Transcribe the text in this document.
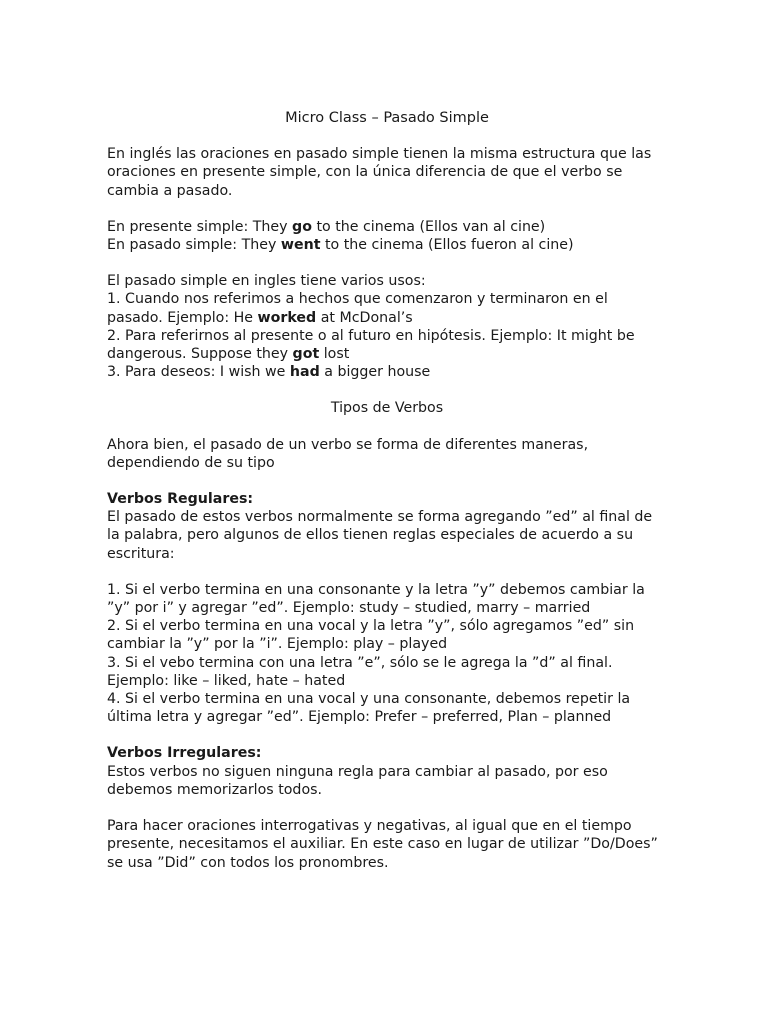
Micro Class – Pasado Simple

En inglés las oraciones en pasado simple tienen la misma estructura que las oraciones en presente simple, con la única diferencia de que el verbo se cambia a pasado.

En presente simple: They go to the cinema (Ellos van al cine)

En pasado simple: They went to the cinema (Ellos fueron al cine)

El pasado simple en ingles tiene varios usos:

1. Cuando nos referimos a hechos que comenzaron y terminaron en el pasado. Ejemplo: He worked at McDonal’s

2. Para referirnos al presente o al futuro en hipótesis. Ejemplo: It might be dangerous. Suppose they got lost

3. Para deseos: I wish we had a bigger house

Tipos de Verbos

Ahora bien, el pasado de un verbo se forma de diferentes maneras, dependiendo de su tipo

Verbos Regulares:

El pasado de estos verbos normalmente se forma agregando ”ed” al final de la palabra, pero algunos de ellos tienen reglas especiales de acuerdo a su escritura:

1. Si el verbo termina en una consonante y la letra ”y” debemos cambiar la ”y” por i” y agregar ”ed”. Ejemplo: study – studied, marry – married

2. Si el verbo termina en una vocal y la letra ”y”, sólo agregamos ”ed” sin cambiar la ”y” por la ”i”. Ejemplo: play – played

3. Si el vebo termina con una letra ”e”, sólo se le agrega la ”d” al final. Ejemplo: like – liked, hate – hated

4. Si el verbo termina en una vocal y una consonante, debemos repetir la última letra y agregar ”ed”. Ejemplo: Prefer – preferred, Plan – planned

Verbos Irregulares:

Estos verbos no siguen ninguna regla para cambiar al pasado, por eso debemos memorizarlos todos.

Para hacer oraciones interrogativas y negativas, al igual que en el tiempo presente, necesitamos el auxiliar. En este caso en lugar de utilizar ”Do/Does” se usa ”Did” con todos los pronombres.
